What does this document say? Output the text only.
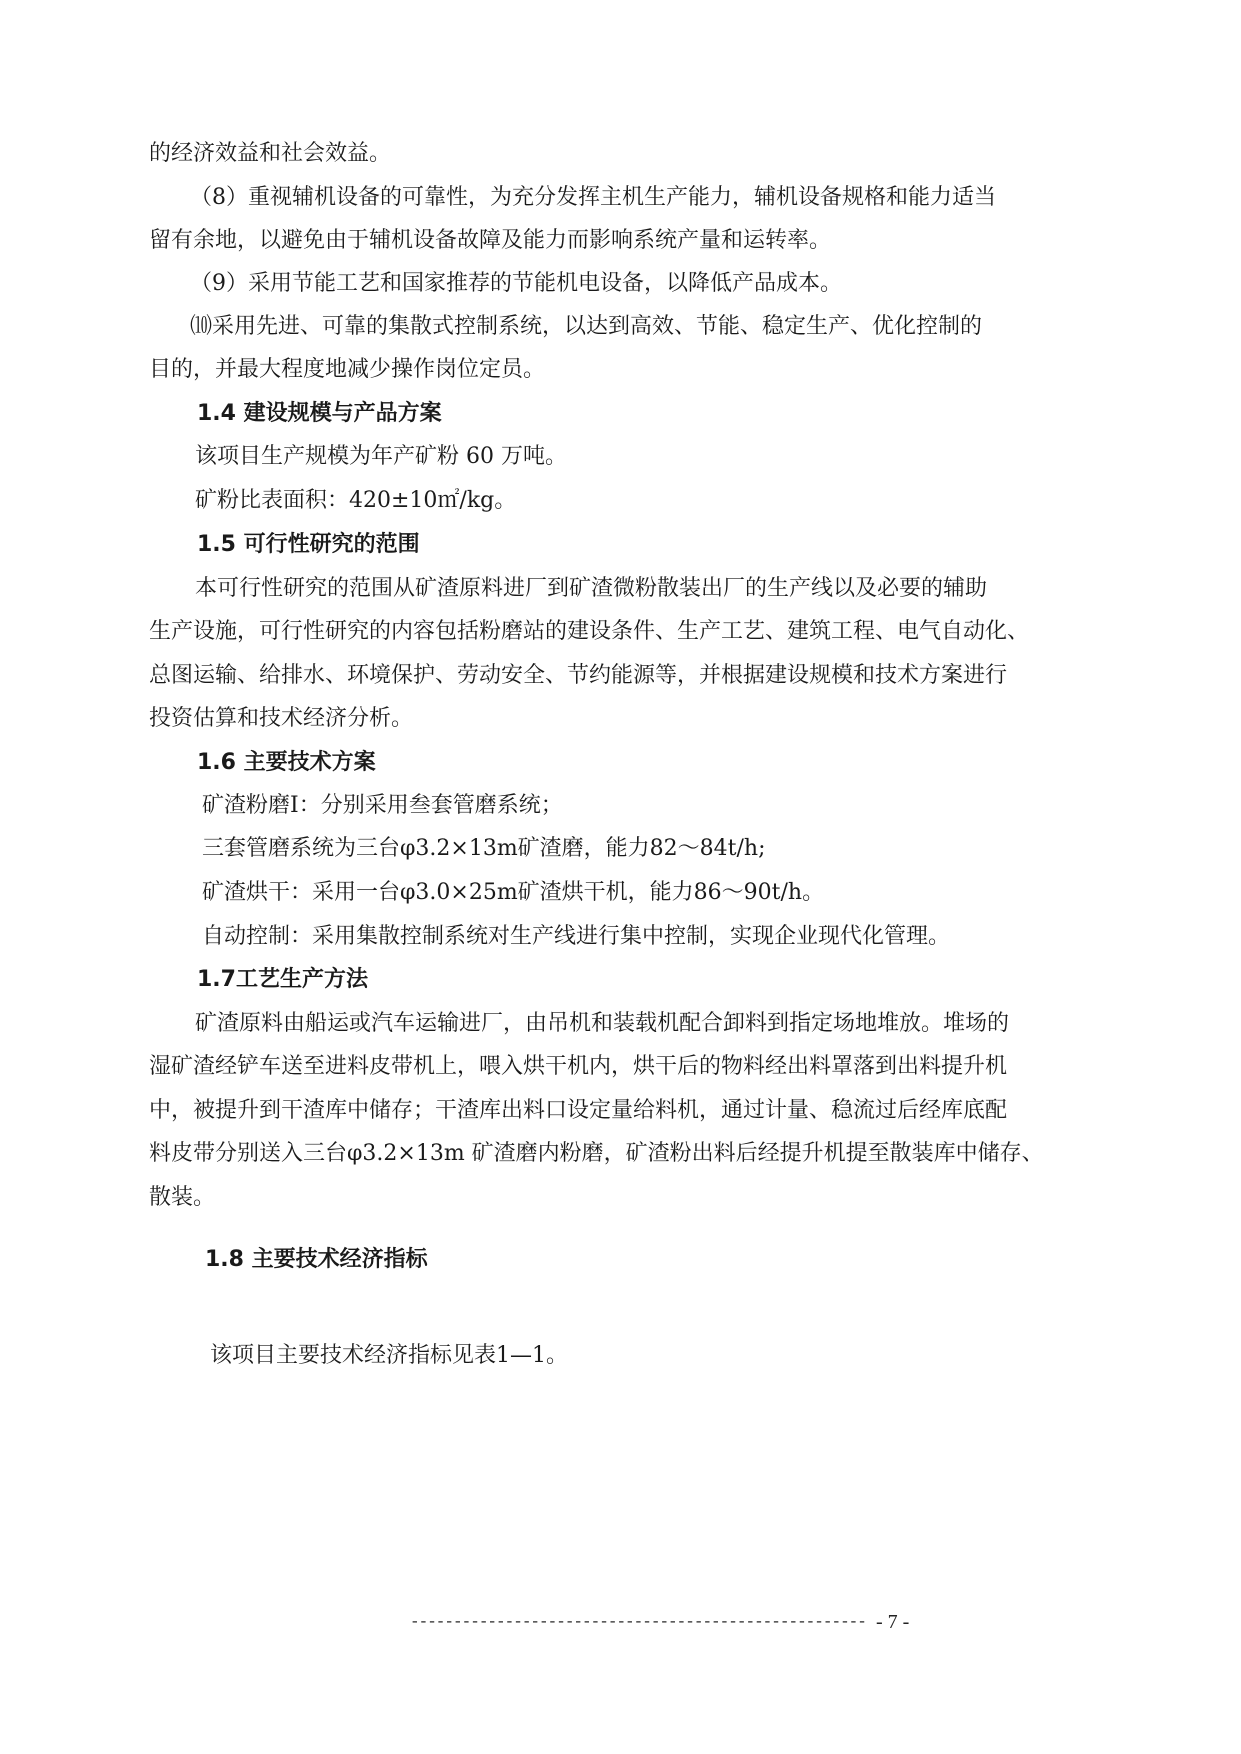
的经济效益和社会效益。
（8）重视辅机设备的可靠性，为充分发挥主机生产能力，辅机设备规格和能力适当
留有余地，以避免由于辅机设备故障及能力而影响系统产量和运转率。
（9）采用节能工艺和国家推荐的节能机电设备，以降低产品成本。
⑽采用先进、可靠的集散式控制系统，以达到高效、节能、稳定生产、优化控制的
目的，并最大程度地减少操作岗位定员。
1.4 建设规模与产品方案
该项目生产规模为年产矿粉 60 万吨。
矿粉比表面积：420±10㎡/kg。
1.5 可行性研究的范围
本可行性研究的范围从矿渣原料进厂到矿渣微粉散装出厂的生产线以及必要的辅助
生产设施，可行性研究的内容包括粉磨站的建设条件、生产工艺、建筑工程、电气自动化、
总图运输、给排水、环境保护、劳动安全、节约能源等，并根据建设规模和技术方案进行
投资估算和技术经济分析。
1.6 主要技术方案
矿渣粉磨Ⅰ：分别采用叁套管磨系统；
三套管磨系统为三台φ3.2×13m矿渣磨，能力82～84t/h;
矿渣烘干：采用一台φ3.0×25m矿渣烘干机，能力86～90t/h。
自动控制：采用集散控制系统对生产线进行集中控制，实现企业现代化管理。
1.7工艺生产方法
矿渣原料由船运或汽车运输进厂，由吊机和装载机配合卸料到指定场地堆放。堆场的
湿矿渣经铲车送至进料皮带机上，喂入烘干机内，烘干后的物料经出料罩落到出料提升机
中，被提升到干渣库中储存；干渣库出料口设定量给料机，通过计量、稳流过后经库底配
料皮带分别送入三台φ3.2×13m 矿渣磨内粉磨，矿渣粉出料后经提升机提至散装库中储存、
散装。
1.8 主要技术经济指标
该项目主要技术经济指标见表1—1。
----------------------------------------------------- - 7 -
